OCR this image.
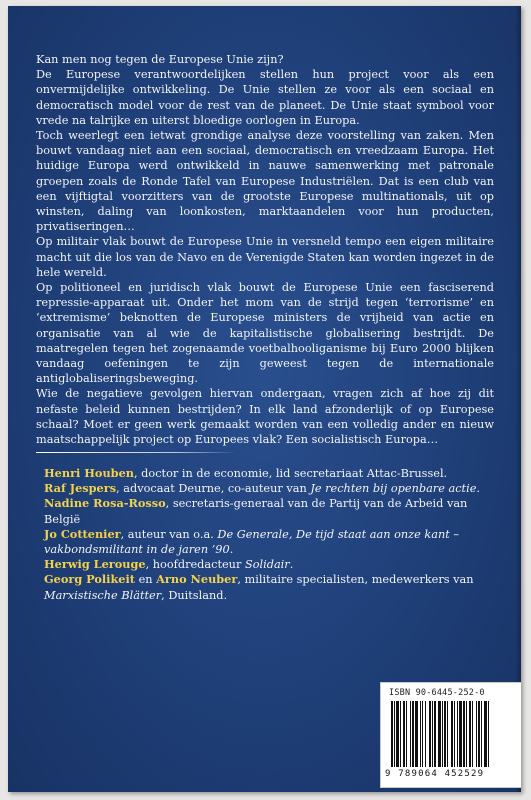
Kan men nog tegen de Europese Unie zijn?

De Europese verantwoordelijken stellen hun project voor als een onvermijdelijke ontwikkeling. De Unie stellen ze voor als een sociaal en democratisch model voor de rest van de planeet. De Unie staat symbool voor vrede na talrijke en uiterst bloedige oorlogen in Europa.

Toch weerlegt een ietwat grondige analyse deze voorstelling van zaken. Men bouwt vandaag niet aan een sociaal, democratisch en vreedzaam Europa. Het huidige Europa werd ontwikkeld in nauwe samenwerking met patronale groepen zoals de Ronde Tafel van Europese Industriëlen. Dat is een club van een vijftigtal voorzitters van de grootste Europese multinationals, uit op winsten, daling van loonkosten, marktaandelen voor hun producten, privatiseringen…

Op militair vlak bouwt de Europese Unie in versneld tempo een eigen militaire macht uit die los van de Navo en de Verenigde Staten kan worden ingezet in de hele wereld.

Op politioneel en juridisch vlak bouwt de Europese Unie een fasciserend repressie-apparaat uit. Onder het mom van de strijd tegen ‘terrorisme’ en ‘extremisme’ beknotten de Europese ministers de vrijheid van actie en organisatie van al wie de kapitalistische globalisering bestrijdt. De maatregelen tegen het zogenaamde voetbalhooliganisme bij Euro 2000 blijken vandaag oefeningen te zijn geweest tegen de internationale antiglobaliseringsbeweging.

Wie de negatieve gevolgen hiervan ondergaan, vragen zich af hoe zij dit nefaste beleid kunnen bestrijden? In elk land afzonderlijk of op Europese schaal? Moet er geen werk gemaakt worden van een volledig ander en nieuw maatschappelijk project op Europees vlak? Een socialistisch Europa…

Henri Houben, doctor in de economie, lid secretariaat Attac-Brussel.

Raf Jespers, advocaat Deurne, co-auteur van Je rechten bij openbare actie.

Nadine Rosa-Rosso, secretaris-generaal van de Partij van de Arbeid van België

Jo Cottenier, auteur van o.a. De Generale, De tijd staat aan onze kant – vakbondsmilitant in de jaren ’90.

Herwig Lerouge, hoofdredacteur Solidair.

Georg Polikeit en Arno Neuber, militaire specialisten, medewerkers van Marxistische Blätter, Duitsland.

ISBN 90-6445-252-0
9 789064 452529
